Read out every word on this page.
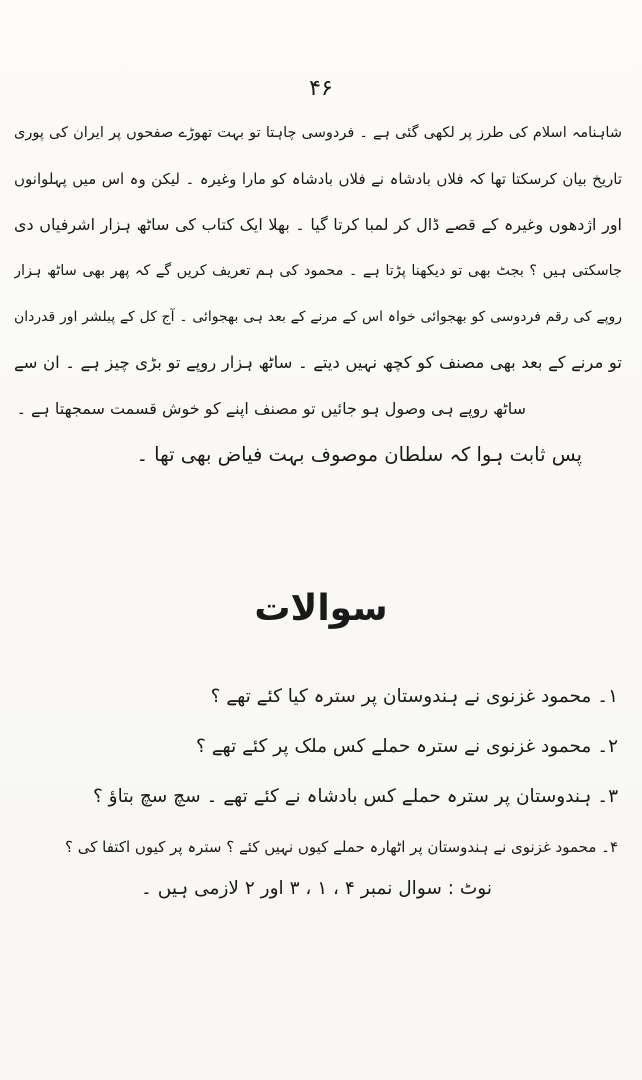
۴۶
شاہنامہ اسلام کی طرز پر لکھی گئی ہے ۔ فردوسی چاہتا تو بہت تھوڑے صفحوں پر ایران کی پوری
تاریخ بیان کرسکتا تھا کہ فلاں بادشاہ نے فلاں بادشاہ کو مارا وغیرہ ۔ لیکن وہ اس میں پہلوانوں
اور اژدھوں وغیرہ کے قصے ڈال کر لمبا کرتا گیا ۔ بھلا ایک کتاب کی ساٹھ ہزار اشرفیاں دی
جاسکتی ہیں ؟ بجٹ بھی تو دیکھنا پڑتا ہے ۔ محمود کی ہم تعریف کریں گے کہ پھر بھی ساٹھ ہزار
روپے کی رقم فردوسی کو بھجوائی خواہ اس کے مرنے کے بعد ہی بھجوائی ۔ آج کل کے پبلشر اور قدردان
تو مرنے کے بعد بھی مصنف کو کچھ نہیں دیتے ۔ ساٹھ ہزار روپے تو بڑی چیز ہے ۔ ان سے
ساٹھ روپے ہی وصول ہو جائیں تو مصنف اپنے کو خوش قسمت سمجھتا ہے ۔
پس ثابت ہوا کہ سلطان موصوف بہت فیاض بھی تھا ۔
سوالات
۱۔ محمود غزنوی نے ہندوستان پر سترہ کیا کئے تھے ؟
۲۔ محمود غزنوی نے سترہ حملے کس ملک پر کئے تھے ؟
۳۔ ہندوستان پر سترہ حملے کس بادشاہ نے کئے تھے ۔ سچ سچ بتاؤ ؟
۴۔ محمود غزنوی نے ہندوستان پر اٹھارہ حملے کیوں نہیں کئے ؟ سترہ پر کیوں اکتفا کی ؟
نوٹ : سوال نمبر ۴ ، ۱ ، ۳ اور ۲ لازمی ہیں ۔
